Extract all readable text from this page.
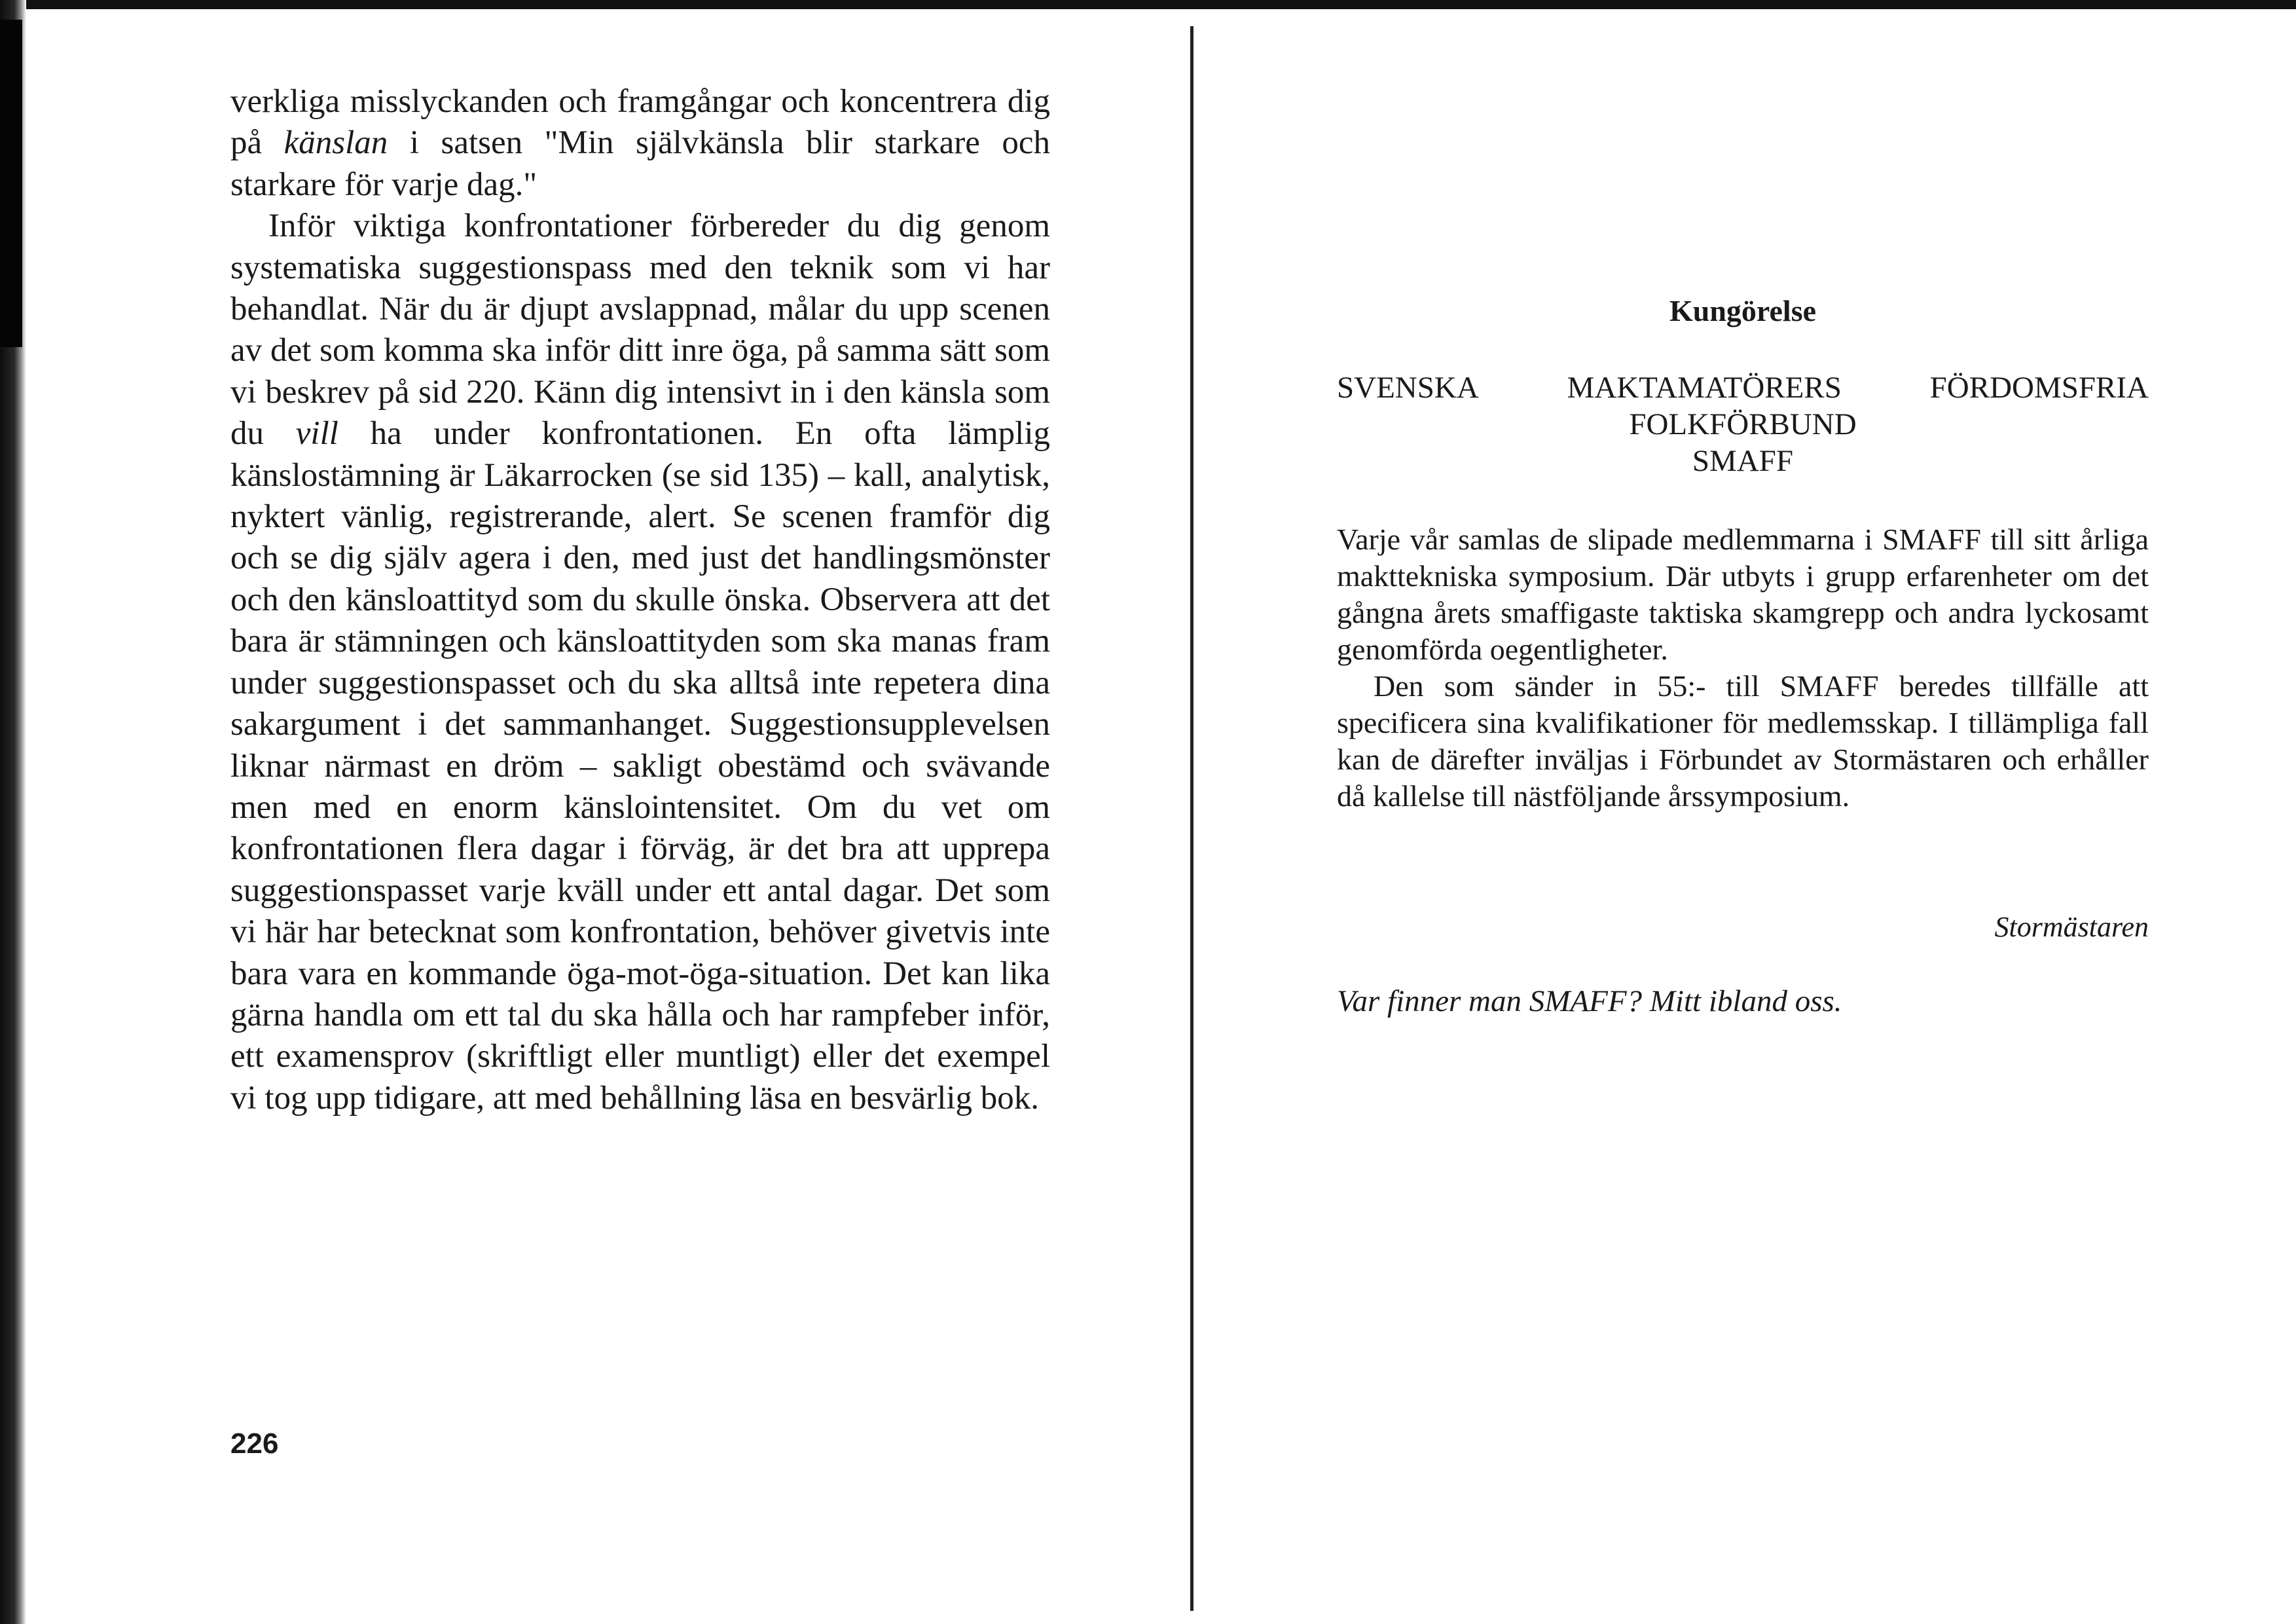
verkliga misslyckanden och framgångar och koncentrera dig på känslan i satsen "Min självkänsla blir starkare och starkare för varje dag."

Inför viktiga konfrontationer förbereder du dig genom systematiska suggestionspass med den teknik som vi har behandlat. När du är djupt avslappnad, målar du upp scenen av det som komma ska inför ditt inre öga, på samma sätt som vi beskrev på sid 220. Känn dig intensivt in i den känsla som du vill ha under konfrontationen. En ofta lämplig känslostämning är Läkarrocken (se sid 135) – kall, analytisk, nyktert vänlig, registrerande, alert. Se scenen framför dig och se dig själv agera i den, med just det handlingsmönster och den känsloattityd som du skulle önska. Observera att det bara är stämningen och känsloattityden som ska manas fram under suggestionspasset och du ska alltså inte repetera dina sakargument i det sammanhanget. Suggestionsupplevelsen liknar närmast en dröm – sakligt obestämd och svävande men med en enorm känslointensitet. Om du vet om konfrontationen flera dagar i förväg, är det bra att upprepa suggestionspasset varje kväll under ett antal dagar. Det som vi här har betecknat som konfrontation, behöver givetvis inte bara vara en kommande öga-mot-öga-situation. Det kan lika gärna handla om ett tal du ska hålla och har rampfeber inför, ett examensprov (skriftligt eller muntligt) eller det exempel vi tog upp tidigare, att med behållning läsa en besvärlig bok.

226
Kungörelse
SVENSKA	MAKTAMATÖRERS	FÖRDOMSFRIA
FOLKFÖRBUND
SMAFF

Varje vår samlas de slipade medlemmarna i SMAFF till sitt årliga makttekniska symposium. Där utbyts i grupp erfarenheter om det gångna årets smaffigaste taktiska skamgrepp och andra lyckosamt genomförda oegentligheter.

Den som sänder in 55:- till SMAFF beredes tillfälle att specificera sina kvalifikationer för medlemsskap. I tillämpliga fall kan de därefter inväljas i Förbundet av Stormästaren och erhåller då kallelse till nästföljande årssymposium.

Stormästaren
Var finner man SMAFF? Mitt ibland oss.
